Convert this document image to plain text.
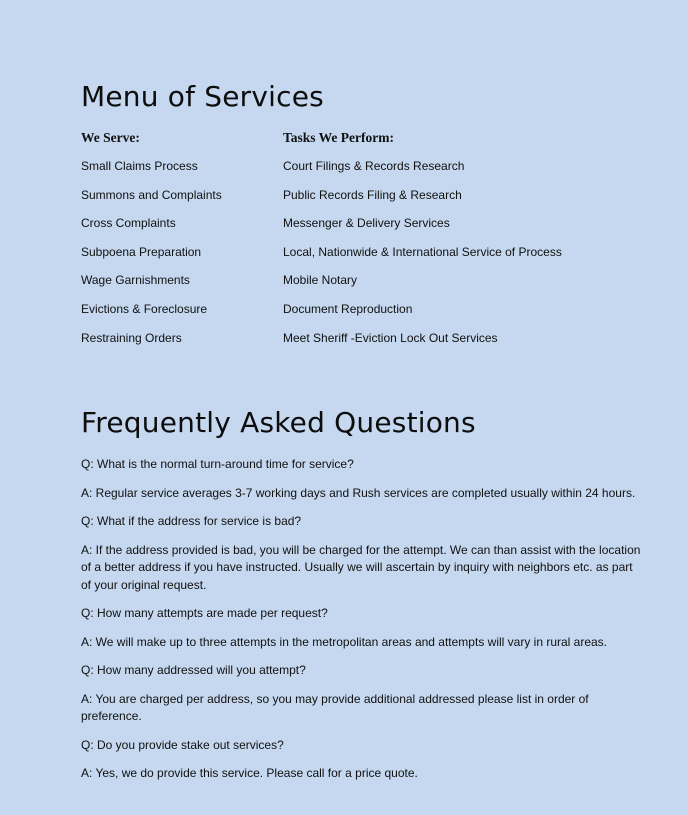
Menu of Services
We Serve:
Small Claims Process
Summons and Complaints
Cross Complaints
Subpoena Preparation
Wage Garnishments
Evictions & Foreclosure
Restraining Orders
Tasks We Perform:
Court Filings & Records Research
Public Records Filing & Research
Messenger & Delivery Services
Local, Nationwide & International Service of Process
Mobile Notary
Document Reproduction
Meet Sheriff -Eviction Lock Out Services
Frequently Asked Questions

Q: What is the normal turn-around time for service?

A: Regular service averages 3-7 working days and Rush services are completed usually within 24 hours.

Q: What if the address for service is bad?

A: If the address provided is bad, you will be charged for the attempt. We can than assist with the location of a better address if you have instructed. Usually we will ascertain by inquiry with neighbors etc. as part of your original request.

Q: How many attempts are made per request?

A: We will make up to three attempts in the metropolitan areas and attempts will vary in rural areas.

Q: How many addressed will you attempt?

A: You are charged per address, so you may provide additional addressed please list in order of preference.

Q: Do you provide stake out services?

A: Yes, we do provide this service. Please call for a price quote.
